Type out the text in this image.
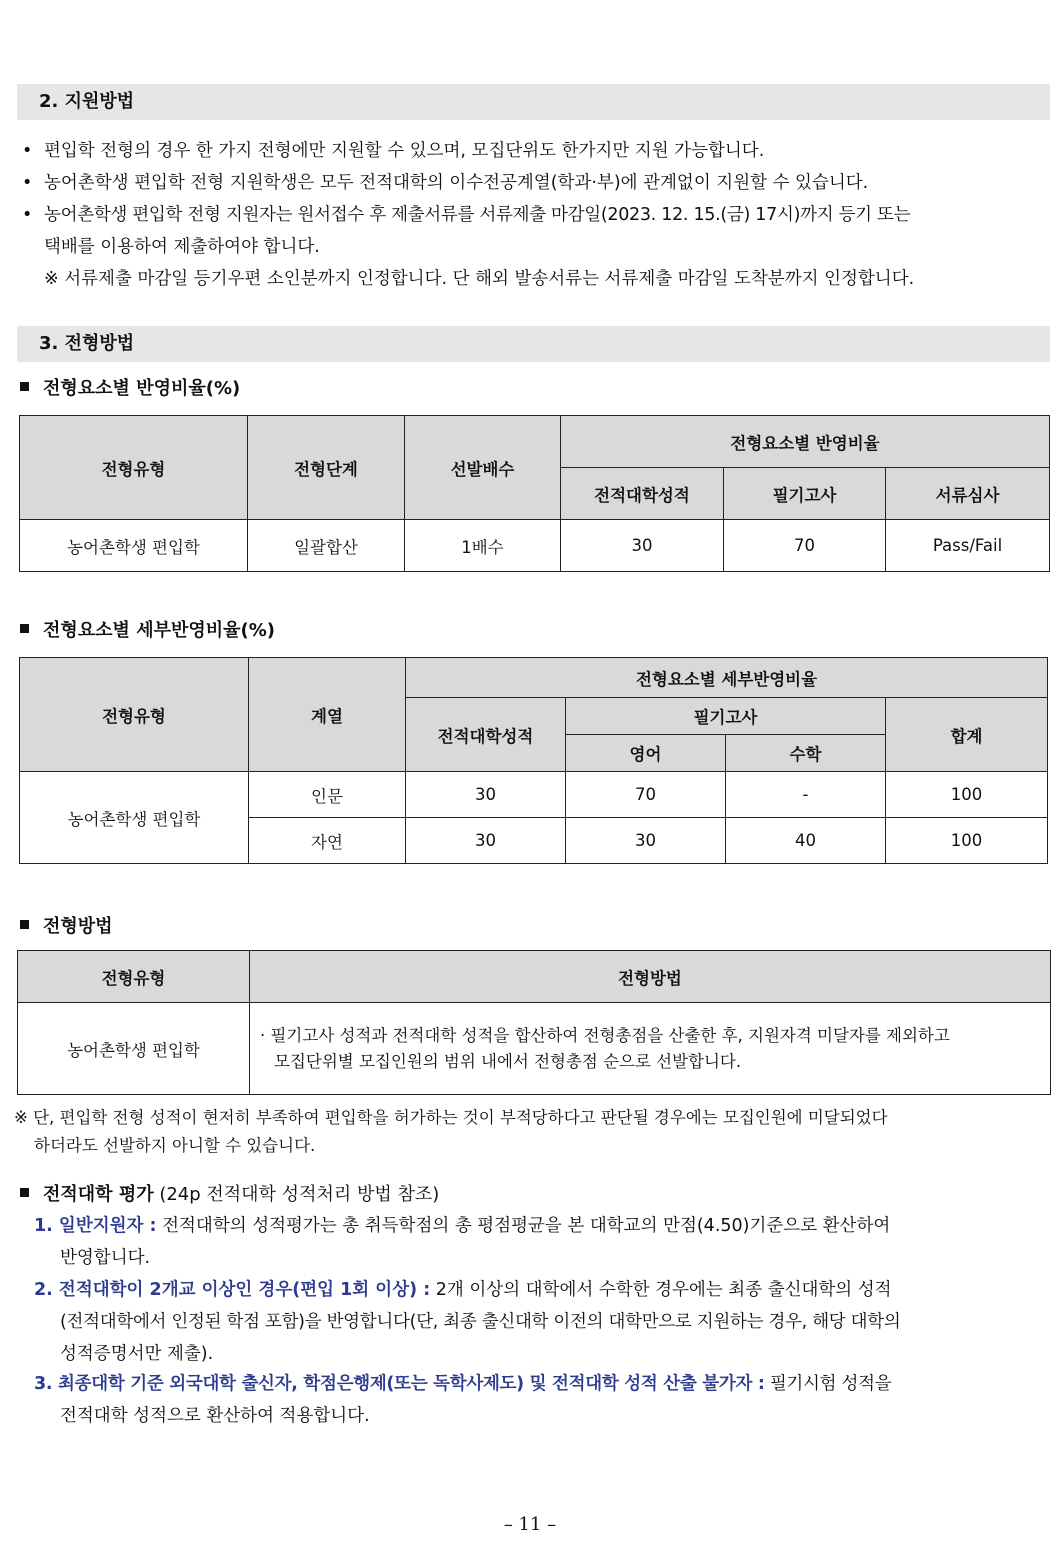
2. 지원방법
• 편입학 전형의 경우 한 가지 전형에만 지원할 수 있으며, 모집단위도 한가지만 지원 가능합니다.
• 농어촌학생 편입학 전형 지원학생은 모두 전적대학의 이수전공계열(학과·부)에 관계없이 지원할 수 있습니다.
• 농어촌학생 편입학 전형 지원자는 원서접수 후 제출서류를 서류제출 마감일(2023. 12. 15.(금) 17시)까지 등기 또는
택배를 이용하여 제출하여야 합니다.
※ 서류제출 마감일 등기우편 소인분까지 인정합니다. 단 해외 발송서류는 서류제출 마감일 도착분까지 인정합니다.
3. 전형방법
전형요소별 반영비율(%)
전형유형	전형단계	선발배수	전형요소별 반영비율		
			전적대학성적	필기고사	서류심사
농어촌학생 편입학	일괄합산	1배수	30	70	Pass/Fail
전형요소별 세부반영비율(%)
전형유형	계열	전형요소별 세부반영비율			
		전적대학성적	필기고사		합계
			영어	수학	
농어촌학생 편입학	인문	30	70	-	100
	자연	30	30	40	100
전형방법
전형유형	전형방법
농어촌학생 편입학	· 필기고사 성적과 전적대학 성적을 합산하여 전형총점을 산출한 후, 지원자격 미달자를 제외하고
모집단위별 모집인원의 범위 내에서 전형총점 순으로 선발합니다.
※ 단, 편입학 전형 성적이 현저히 부족하여 편입학을 허가하는 것이 부적당하다고 판단될 경우에는 모집인원에 미달되었다
하더라도 선발하지 아니할 수 있습니다.
전적대학 평가 (24p 전적대학 성적처리 방법 참조)
1. 일반지원자 : 전적대학의 성적평가는 총 취득학점의 총 평점평균을 본 대학교의 만점(4.50)기준으로 환산하여
반영합니다.
2. 전적대학이 2개교 이상인 경우(편입 1회 이상) : 2개 이상의 대학에서 수학한 경우에는 최종 출신대학의 성적
(전적대학에서 인정된 학점 포함)을 반영합니다(단, 최종 출신대학 이전의 대학만으로 지원하는 경우, 해당 대학의
성적증명서만 제출).
3. 최종대학 기준 외국대학 출신자, 학점은행제(또는 독학사제도) 및 전적대학 성적 산출 불가자 : 필기시험 성적을
전적대학 성적으로 환산하여 적용합니다.
– 11 –
